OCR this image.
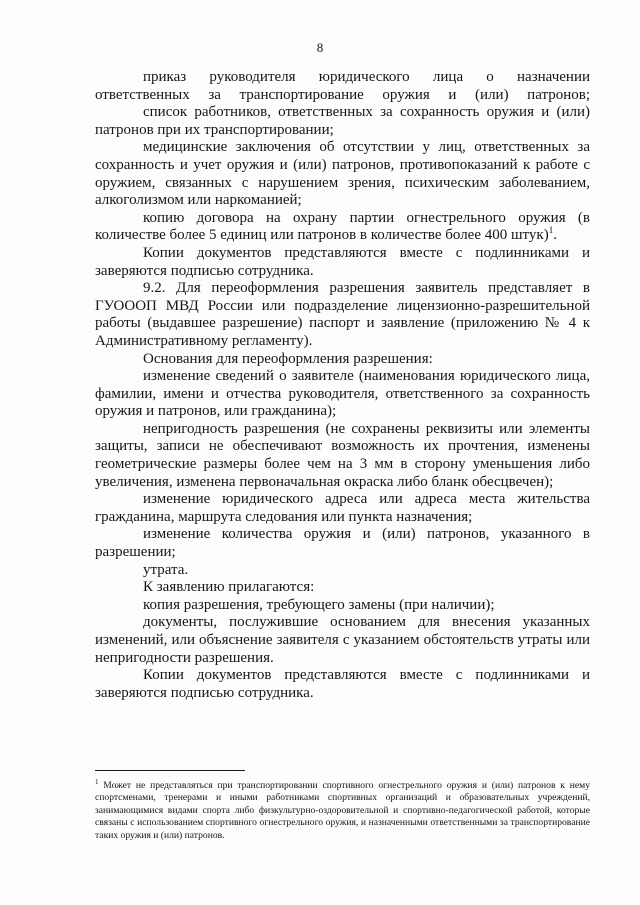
8

приказ руководителя юридического лица о назначении ответственных за транспортирование оружия и (или) патронов;

список работников, ответственных за сохранность оружия и (или) патронов при их транспортировании;

медицинские заключения об отсутствии у лиц, ответственных за сохранность и учет оружия и (или) патронов, противопоказаний к работе с оружием, связанных с нарушением зрения, психическим заболеванием, алкоголизмом или наркоманией;

копию договора на охрану партии огнестрельного оружия (в количестве более 5 единиц или патронов в количестве более 400 штук)$^1$.

Копии документов представляются вместе с подлинниками и заверяются подписью сотрудника.

9.2. Для переоформления разрешения заявитель представляет в ГУОООП МВД России или подразделение лицензионно-разрешительной работы (выдавшее разрешение) паспорт и заявление (приложению № 4 к Административному регламенту).

Основания для переоформления разрешения:

изменение сведений о заявителе (наименования юридического лица, фамилии, имени и отчества руководителя, ответственного за сохранность оружия и патронов, или гражданина);

непригодность разрешения (не сохранены реквизиты или элементы защиты, записи не обеспечивают возможность их прочтения, изменены геометрические размеры более чем на 3 мм в сторону уменьшения либо увеличения, изменена первоначальная окраска либо бланк обесцвечен);

изменение юридического адреса или адреса места жительства гражданина, маршрута следования или пункта назначения;

изменение количества оружия и (или) патронов, указанного в разрешении;

утрата.

К заявлению прилагаются:

копия разрешения, требующего замены (при наличии);

документы, послужившие основанием для внесения указанных изменений, или объяснение заявителя с указанием обстоятельств утраты или непригодности разрешения.

Копии документов представляются вместе с подлинниками и заверяются подписью сотрудника.

$^1$ Может не представляться при транспортировании спортивного огнестрельного оружия и (или) патронов к нему спортсменами, тренерами и иными работниками спортивных организаций и образовательных учреждений, занимающимися видами спорта либо физкультурно-оздоровительной и спортивно-педагогической работой, которые связаны с использованием спортивного огнестрельного оружия, и назначенными ответственными за транспортирование таких оружия и (или) патронов.
